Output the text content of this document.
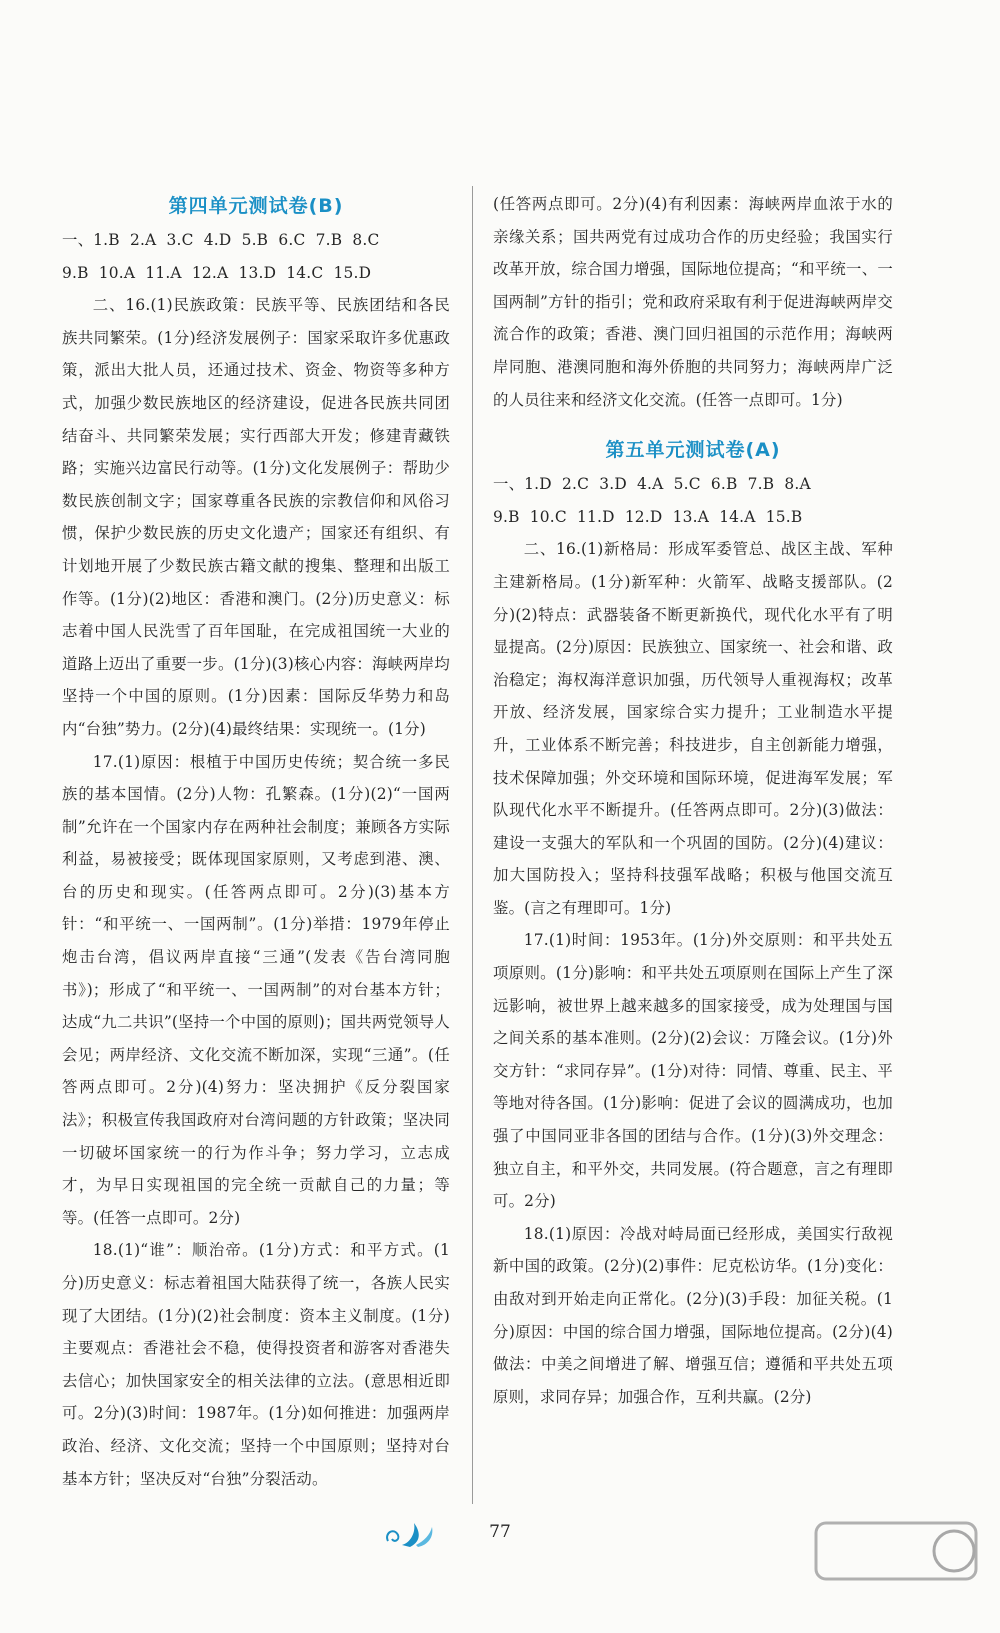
第四单元测试卷(B)

一、1.B  2.A  3.C  4.D  5.B  6.C  7.B  8.C

9.B  10.A  11.A  12.A  13.D  14.C  15.D

二、16.(1)民族政策：民族平等、民族团结和各民族共同繁荣。(1分)经济发展例子：国家采取许多优惠政策，派出大批人员，还通过技术、资金、物资等多种方式，加强少数民族地区的经济建设，促进各民族共同团结奋斗、共同繁荣发展；实行西部大开发；修建青藏铁路；实施兴边富民行动等。(1分)文化发展例子：帮助少数民族创制文字；国家尊重各民族的宗教信仰和风俗习惯，保护少数民族的历史文化遗产；国家还有组织、有计划地开展了少数民族古籍文献的搜集、整理和出版工作等。(1分)(2)地区：香港和澳门。(2分)历史意义：标志着中国人民洗雪了百年国耻，在完成祖国统一大业的道路上迈出了重要一步。(1分)(3)核心内容：海峡两岸均坚持一个中国的原则。(1分)因素：国际反华势力和岛内“台独”势力。(2分)(4)最终结果：实现统一。(1分)

17.(1)原因：根植于中国历史传统；契合统一多民族的基本国情。(2分)人物：孔繁森。(1分)(2)“一国两制”允许在一个国家内存在两种社会制度；兼顾各方实际利益，易被接受；既体现国家原则，又考虑到港、澳、台的历史和现实。(任答两点即可。2分)(3)基本方针：“和平统一、一国两制”。(1分)举措：1979年停止炮击台湾，倡议两岸直接“三通”(发表《告台湾同胞书》)；形成了“和平统一、一国两制”的对台基本方针；达成“九二共识”(坚持一个中国的原则)；国共两党领导人会见；两岸经济、文化交流不断加深，实现“三通”。(任答两点即可。2分)(4)努力：坚决拥护《反分裂国家法》；积极宣传我国政府对台湾问题的方针政策；坚决同一切破坏国家统一的行为作斗争；努力学习，立志成才，为早日实现祖国的完全统一贡献自己的力量；等等。(任答一点即可。2分)

18.(1)“谁”：顺治帝。(1分)方式：和平方式。(1分)历史意义：标志着祖国大陆获得了统一，各族人民实现了大团结。(1分)(2)社会制度：资本主义制度。(1分)主要观点：香港社会不稳，使得投资者和游客对香港失去信心；加快国家安全的相关法律的立法。(意思相近即可。2分)(3)时间：1987年。(1分)如何推进：加强两岸政治、经济、文化交流；坚持一个中国原则；坚持对台基本方针；坚决反对“台独”分裂活动。

(任答两点即可。2分)(4)有利因素：海峡两岸血浓于水的亲缘关系；国共两党有过成功合作的历史经验；我国实行改革开放，综合国力增强，国际地位提高；“和平统一、一国两制”方针的指引；党和政府采取有利于促进海峡两岸交流合作的政策；香港、澳门回归祖国的示范作用；海峡两岸同胞、港澳同胞和海外侨胞的共同努力；海峡两岸广泛的人员往来和经济文化交流。(任答一点即可。1分)

第五单元测试卷(A)

一、1.D  2.C  3.D  4.A  5.C  6.B  7.B  8.A

9.B  10.C  11.D  12.D  13.A  14.A  15.B

二、16.(1)新格局：形成军委管总、战区主战、军种主建新格局。(1分)新军种：火箭军、战略支援部队。(2分)(2)特点：武器装备不断更新换代，现代化水平有了明显提高。(2分)原因：民族独立、国家统一、社会和谐、政治稳定；海权海洋意识加强，历代领导人重视海权；改革开放、经济发展，国家综合实力提升；工业制造水平提升，工业体系不断完善；科技进步，自主创新能力增强，技术保障加强；外交环境和国际环境，促进海军发展；军队现代化水平不断提升。(任答两点即可。2分)(3)做法：建设一支强大的军队和一个巩固的国防。(2分)(4)建议：加大国防投入；坚持科技强军战略；积极与他国交流互鉴。(言之有理即可。1分)

17.(1)时间：1953年。(1分)外交原则：和平共处五项原则。(1分)影响：和平共处五项原则在国际上产生了深远影响，被世界上越来越多的国家接受，成为处理国与国之间关系的基本准则。(2分)(2)会议：万隆会议。(1分)外交方针：“求同存异”。(1分)对待：同情、尊重、民主、平等地对待各国。(1分)影响：促进了会议的圆满成功，也加强了中国同亚非各国的团结与合作。(1分)(3)外交理念：独立自主，和平外交，共同发展。(符合题意，言之有理即可。2分)

18.(1)原因：冷战对峙局面已经形成，美国实行敌视新中国的政策。(2分)(2)事件：尼克松访华。(1分)变化：由敌对到开始走向正常化。(2分)(3)手段：加征关税。(1分)原因：中国的综合国力增强，国际地位提高。(2分)(4)做法：中美之间增进了解、增强互信；遵循和平共处五项原则，求同存异；加强合作，互利共赢。(2分)

77
